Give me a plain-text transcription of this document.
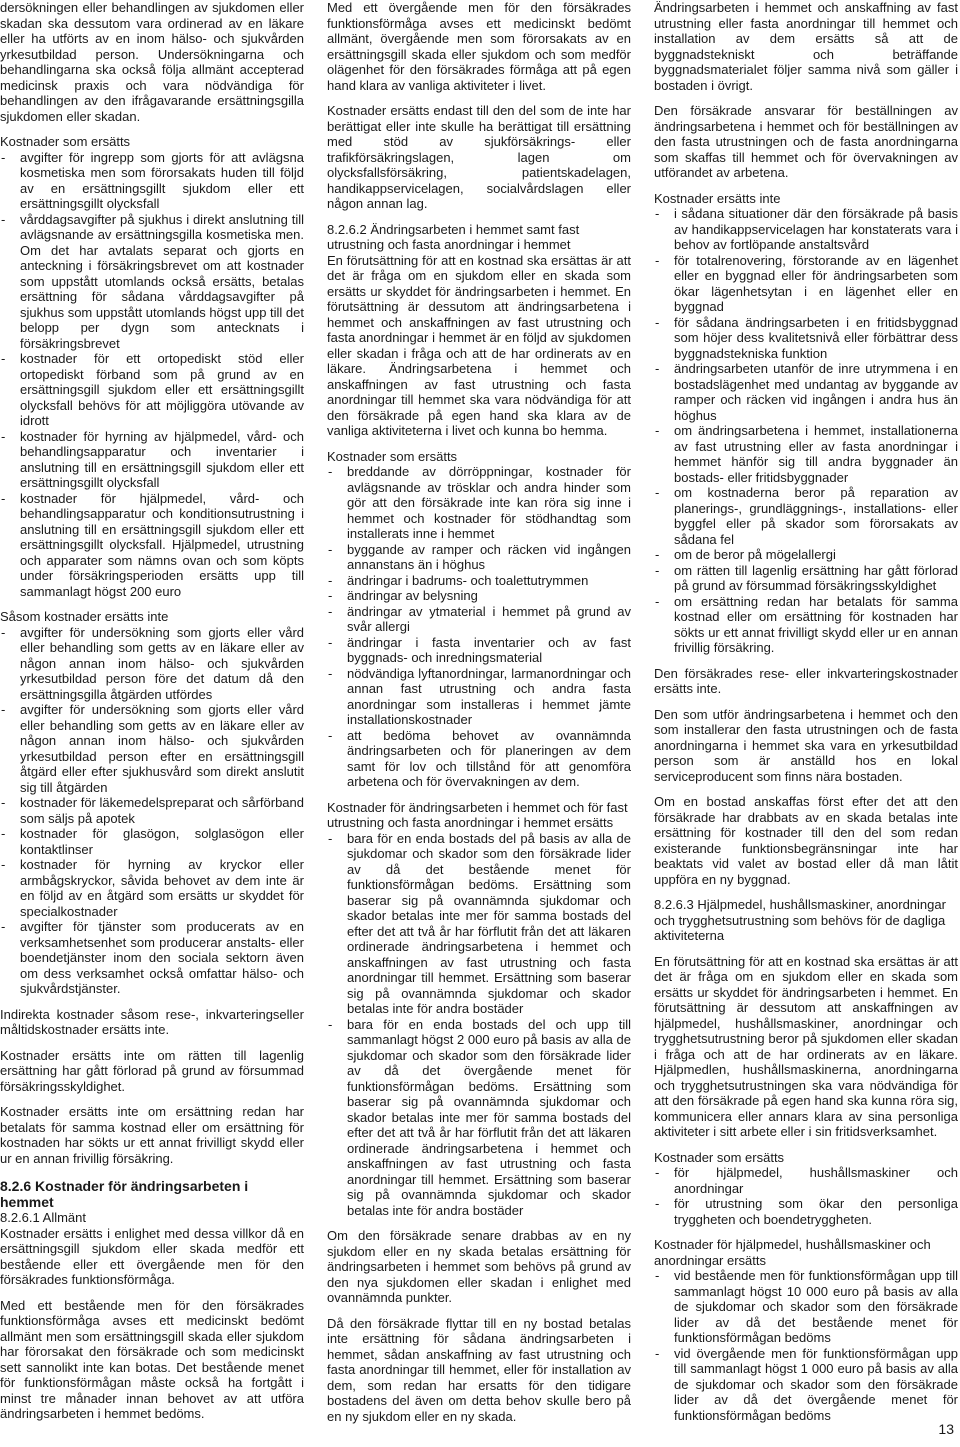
dersökningen eller behandlingen av sjukdomen eller skadan ska dessutom vara ordinerad av en läkare eller ha utförts av en inom hälso- och sjukvården yrkesutbildad person. Undersökningarna och behandlingarna ska också följa allmänt accepterad medicinsk praxis och vara nödvändiga för behandlingen av den ifrågavarande ersättningsgilla sjukdomen eller skadan.

Kostnader som ersätts
- avgifter för ingrepp som gjorts för att avlägsna kosmetiska men som förorsakats huden till följd av en ersättningsgillt sjukdom eller ett ersättningsgillt olycksfall
- vårddagsavgifter på sjukhus i direkt anslutning till avlägsnande av ersättningsgilla kosmetiska men. Om det har avtalats separat och gjorts en anteckning i försäkringsbrevet om att kostnader som uppstått utomlands också ersätts, betalas ersättning för sådana vårddagsavgifter på sjukhus som uppstått utomlands högst upp till det belopp per dygn som antecknats i försäkringsbrevet
- kostnader för ett ortopediskt stöd eller ortopediskt förband som på grund av en ersättningsgill sjukdom eller ett ersättningsgillt olycksfall behövs för att möjliggöra utövande av idrott
- kostnader för hyrning av hjälpmedel, vård- och behandlingsapparatur och inventarier i anslutning till en ersättningsgill sjukdom eller ett ersättningsgillt olycksfall
- kostnader för hjälpmedel, vård- och behandlingsapparatur och konditionsutrustning i anslutning till en ersättningsgill sjukdom eller ett ersättningsgillt olycksfall. Hjälpmedel, utrustning och apparater som nämns ovan och som köpts under försäkringsperioden ersätts upp till sammanlagt högst 200 euro
Såsom kostnader ersätts inte
- avgifter för undersökning som gjorts eller vård eller behandling som getts av en läkare eller av någon annan inom hälso- och sjukvården yrkesutbildad person före det datum då den ersättningsgilla åtgärden utfördes
- avgifter för undersökning som gjorts eller vård eller behandling som getts av en läkare eller av någon annan inom hälso- och sjukvården yrkesutbildad person efter en ersättningsgill åtgärd eller efter sjukhusvård som direkt anslutit sig till åtgärden
- kostnader för läkemedelspreparat och sårförband som säljs på apotek
- kostnader för glasögon, solglasögon eller kontaktlinser
- kostnader för hyrning av kryckor eller armbågskryckor, såvida behovet av dem inte är en följd av en åtgärd som ersätts ur skyddet för specialkostnader
- avgifter för tjänster som producerats av en verksamhetsenhet som producerar anstalts- eller boendetjänster inom den sociala sektorn även om dess verksamhet också omfattar hälso- och sjukvårdstjänster.

Indirekta kostnader såsom rese-, inkvarteringseller måltidskostnader ersätts inte.

Kostnader ersätts inte om rätten till lagenlig ersättning har gått förlorad på grund av försummad försäkringsskyldighet.

Kostnader ersätts inte om ersättning redan har betalats för samma kostnad eller om ersättning för kostnaden har sökts ur ett annat frivilligt skydd eller ur en annan frivillig försäkring.

8.2.6 Kostnader för ändringsarbeten i hemmet
8.2.6.1 Allmänt

Kostnader ersätts i enlighet med dessa villkor då en ersättningsgill sjukdom eller skada medför ett bestående eller ett övergående men för den försäkrades funktionsförmåga.

Med ett bestående men för den försäkrades funktionsförmåga avses ett medicinskt bedömt allmänt men som ersättningsgill skada eller sjukdom har förorsakat den försäkrade och som medicinskt sett sannolikt inte kan botas. Det bestående menet för funktionsförmågan måste också ha fortgått i minst tre månader innan behovet av att utföra ändringsarbeten i hemmet bedöms.

Med ett övergående men för den försäkrades funktionsförmåga avses ett medicinskt bedömt allmänt, övergående men som förorsakats av en ersättningsgill skada eller sjukdom och som medför olägenhet för den försäkrades förmåga att på egen hand klara av vanliga aktiviteter i livet.

Kostnader ersätts endast till den del som de inte har berättigat eller inte skulle ha berättigat till ersättning med stöd av sjukförsäkrings- eller trafikförsäkringslagen, lagen om olycksfallsförsäkring, patientskadelagen, handikappservicelagen, socialvårdslagen eller någon annan lag.

8.2.6.2 Ändringsarbeten i hemmet samt fast utrustning och fasta anordningar i hemmet

En förutsättning för att en kostnad ska ersättas är att det är fråga om en sjukdom eller en skada som ersätts ur skyddet för ändringsarbeten i hemmet. En förutsättning är dessutom att ändringsarbetena i hemmet och anskaffningen av fast utrustning och fasta anordningar i hemmet är en följd av sjukdomen eller skadan i fråga och att de har ordinerats av en läkare. Ändringsarbetena i hemmet och anskaffningen av fast utrustning och fasta anordningar till hemmet ska vara nödvändiga för att den försäkrade på egen hand ska klara av de vanliga aktiviteterna i livet och kunna bo hemma.

Kostnader som ersätts
- breddande av dörröppningar, kostnader för avlägsnande av trösklar och andra hinder som gör att den försäkrade inte kan röra sig inne i hemmet och kostnader för stödhandtag som installerats inne i hemmet
- byggande av ramper och räcken vid ingången annanstans än i höghus
- ändringar i badrums- och toalettutrymmen
- ändringar av belysning
- ändringar av ytmaterial i hemmet på grund av svår allergi
- ändringar i fasta inventarier och av fast byggnads- och inredningsmaterial
- nödvändiga lyftanordningar, larmanordningar och annan fast utrustning och andra fasta anordningar som installeras i hemmet jämte installationskostnader
- att bedöma behovet av ovannämnda ändringsarbeten och för planeringen av dem samt för lov och tillstånd för att genomföra arbetena och för övervakningen av dem.
Kostnader för ändringsarbeten i hemmet och för fast utrustning och fasta anordningar i hemmet ersätts
- bara för en enda bostads del på basis av alla de sjukdomar och skador som den försäkrade lider av då det bestående menet för funktionsförmågan bedöms. Ersättning som baserar sig på ovannämnda sjukdomar och skador betalas inte mer för samma bostads del efter det att två år har förflutit från det att läkaren ordinerade ändringsarbetena i hemmet och anskaffningen av fast utrustning och fasta anordningar till hemmet. Ersättning som baserar sig på ovannämnda sjukdomar och skador betalas inte för andra bostäder
- bara för en enda bostads del och upp till sammanlagt högst 2 000 euro på basis av alla de sjukdomar och skador som den försäkrade lider av då det övergående menet för funktionsförmågan bedöms. Ersättning som baserar sig på ovannämnda sjukdomar och skador betalas inte mer för samma bostads del efter det att två år har förflutit från det att läkaren ordinerade ändringsarbetena i hemmet och anskaffningen av fast utrustning och fasta anordningar till hemmet. Ersättning som baserar sig på ovannämnda sjukdomar och skador betalas inte för andra bostäder

Om den försäkrade senare drabbas av en ny sjukdom eller en ny skada betalas ersättning för ändringsarbeten i hemmet som behövs på grund av den nya sjukdomen eller skadan i enlighet med ovannämnda punkter.

Då den försäkrade flyttar till en ny bostad betalas inte ersättning för sådana ändringsarbeten i hemmet, sådan anskaffning av fast utrustning och fasta anordningar till hemmet, eller för installation av dem, som redan har ersatts för den tidigare bostadens del även om detta behov skulle bero på en ny sjukdom eller en ny skada.

Ändringsarbeten i hemmet och anskaffning av fast utrustning eller fasta anordningar till hemmet och installation av dem ersätts så att de byggnadstekniskt och beträffande byggnadsmaterialet följer samma nivå som gäller i bostaden i övrigt.

Den försäkrade ansvarar för beställningen av ändringsarbetena i hemmet och för beställningen av den fasta utrustningen och de fasta anordningarna som skaffas till hemmet och för övervakningen av utförandet av arbetena.

Kostnader ersätts inte
- i sådana situationer där den försäkrade på basis av handikappservicelagen har konstaterats vara i behov av fortlöpande anstaltsvård
- för totalrenovering, förstorande av en lägenhet eller en byggnad eller för ändringsarbeten som ökar lägenhetsytan i en lägenhet eller en byggnad
- för sådana ändringsarbeten i en fritidsbyggnad som höjer dess kvalitetsnivå eller förbättrar dess byggnadstekniska funktion
- ändringsarbeten utanför de inre utrymmena i en bostadslägenhet med undantag av byggande av ramper och räcken vid ingången i andra hus än höghus
- om ändringsarbetena i hemmet, installationerna av fast utrustning eller av fasta anordningar i hemmet hänför sig till andra byggnader än bostads- eller fritidsbyggnader
- om kostnaderna beror på reparation av planerings-, grundläggnings-, installations- eller byggfel eller på skador som förorsakats av sådana fel
- om de beror på mögelallergi
- om rätten till lagenlig ersättning har gått förlorad på grund av försummad försäkringsskyldighet
- om ersättning redan har betalats för samma kostnad eller om ersättning för kostnaden har sökts ur ett annat frivilligt skydd eller ur en annan frivillig försäkring.

Den försäkrades rese- eller inkvarteringskostnader ersätts inte.

Den som utför ändringsarbetena i hemmet och den som installerar den fasta utrustningen och de fasta anordningarna i hemmet ska vara en yrkesutbildad person som är anställd hos en lokal serviceproducent som finns nära bostaden.

Om en bostad anskaffas först efter det att den försäkrade har drabbats av en skada betalas inte ersättning för kostnader till den del som redan existerande funktionsbegränsningar inte har beaktats vid valet av bostad eller då man låtit uppföra en ny byggnad.

8.2.6.3 Hjälpmedel, hushållsmaskiner, anordningar och trygghetsutrustning som behövs för de dagliga aktiviteterna

En förutsättning för att en kostnad ska ersättas är att det är fråga om en sjukdom eller en skada som ersätts ur skyddet för ändringsarbeten i hemmet. En förutsättning är dessutom att anskaffningen av hjälpmedel, hushållsmaskiner, anordningar och trygghetsutrustning beror på sjukdomen eller skadan i fråga och att de har ordinerats av en läkare. Hjälpmedlen, hushållsmaskinerna, anordningarna och trygghetsutrustningen ska vara nödvändiga för att den försäkrade på egen hand ska kunna röra sig, kommunicera eller annars klara av sina personliga aktiviteter i sitt arbete eller i sin fritidsverksamhet.

Kostnader som ersätts
- för hjälpmedel, hushållsmaskiner och anordningar
- för utrustning som ökar den personliga tryggheten och boendetryggheten.
Kostnader för hjälpmedel, hushållsmaskiner och anordningar ersätts
- vid bestående men för funktionsförmågan upp till sammanlagt högst 10 000 euro på basis av alla de sjukdomar och skador som den försäkrade lider av då det bestående menet för funktionsförmågan bedöms
- vid övergående men för funktionsförmågan upp till sammanlagt högst 1 000 euro på basis av alla de sjukdomar och skador som den försäkrade lider av då det övergående menet för funktionsförmågan bedöms
13
